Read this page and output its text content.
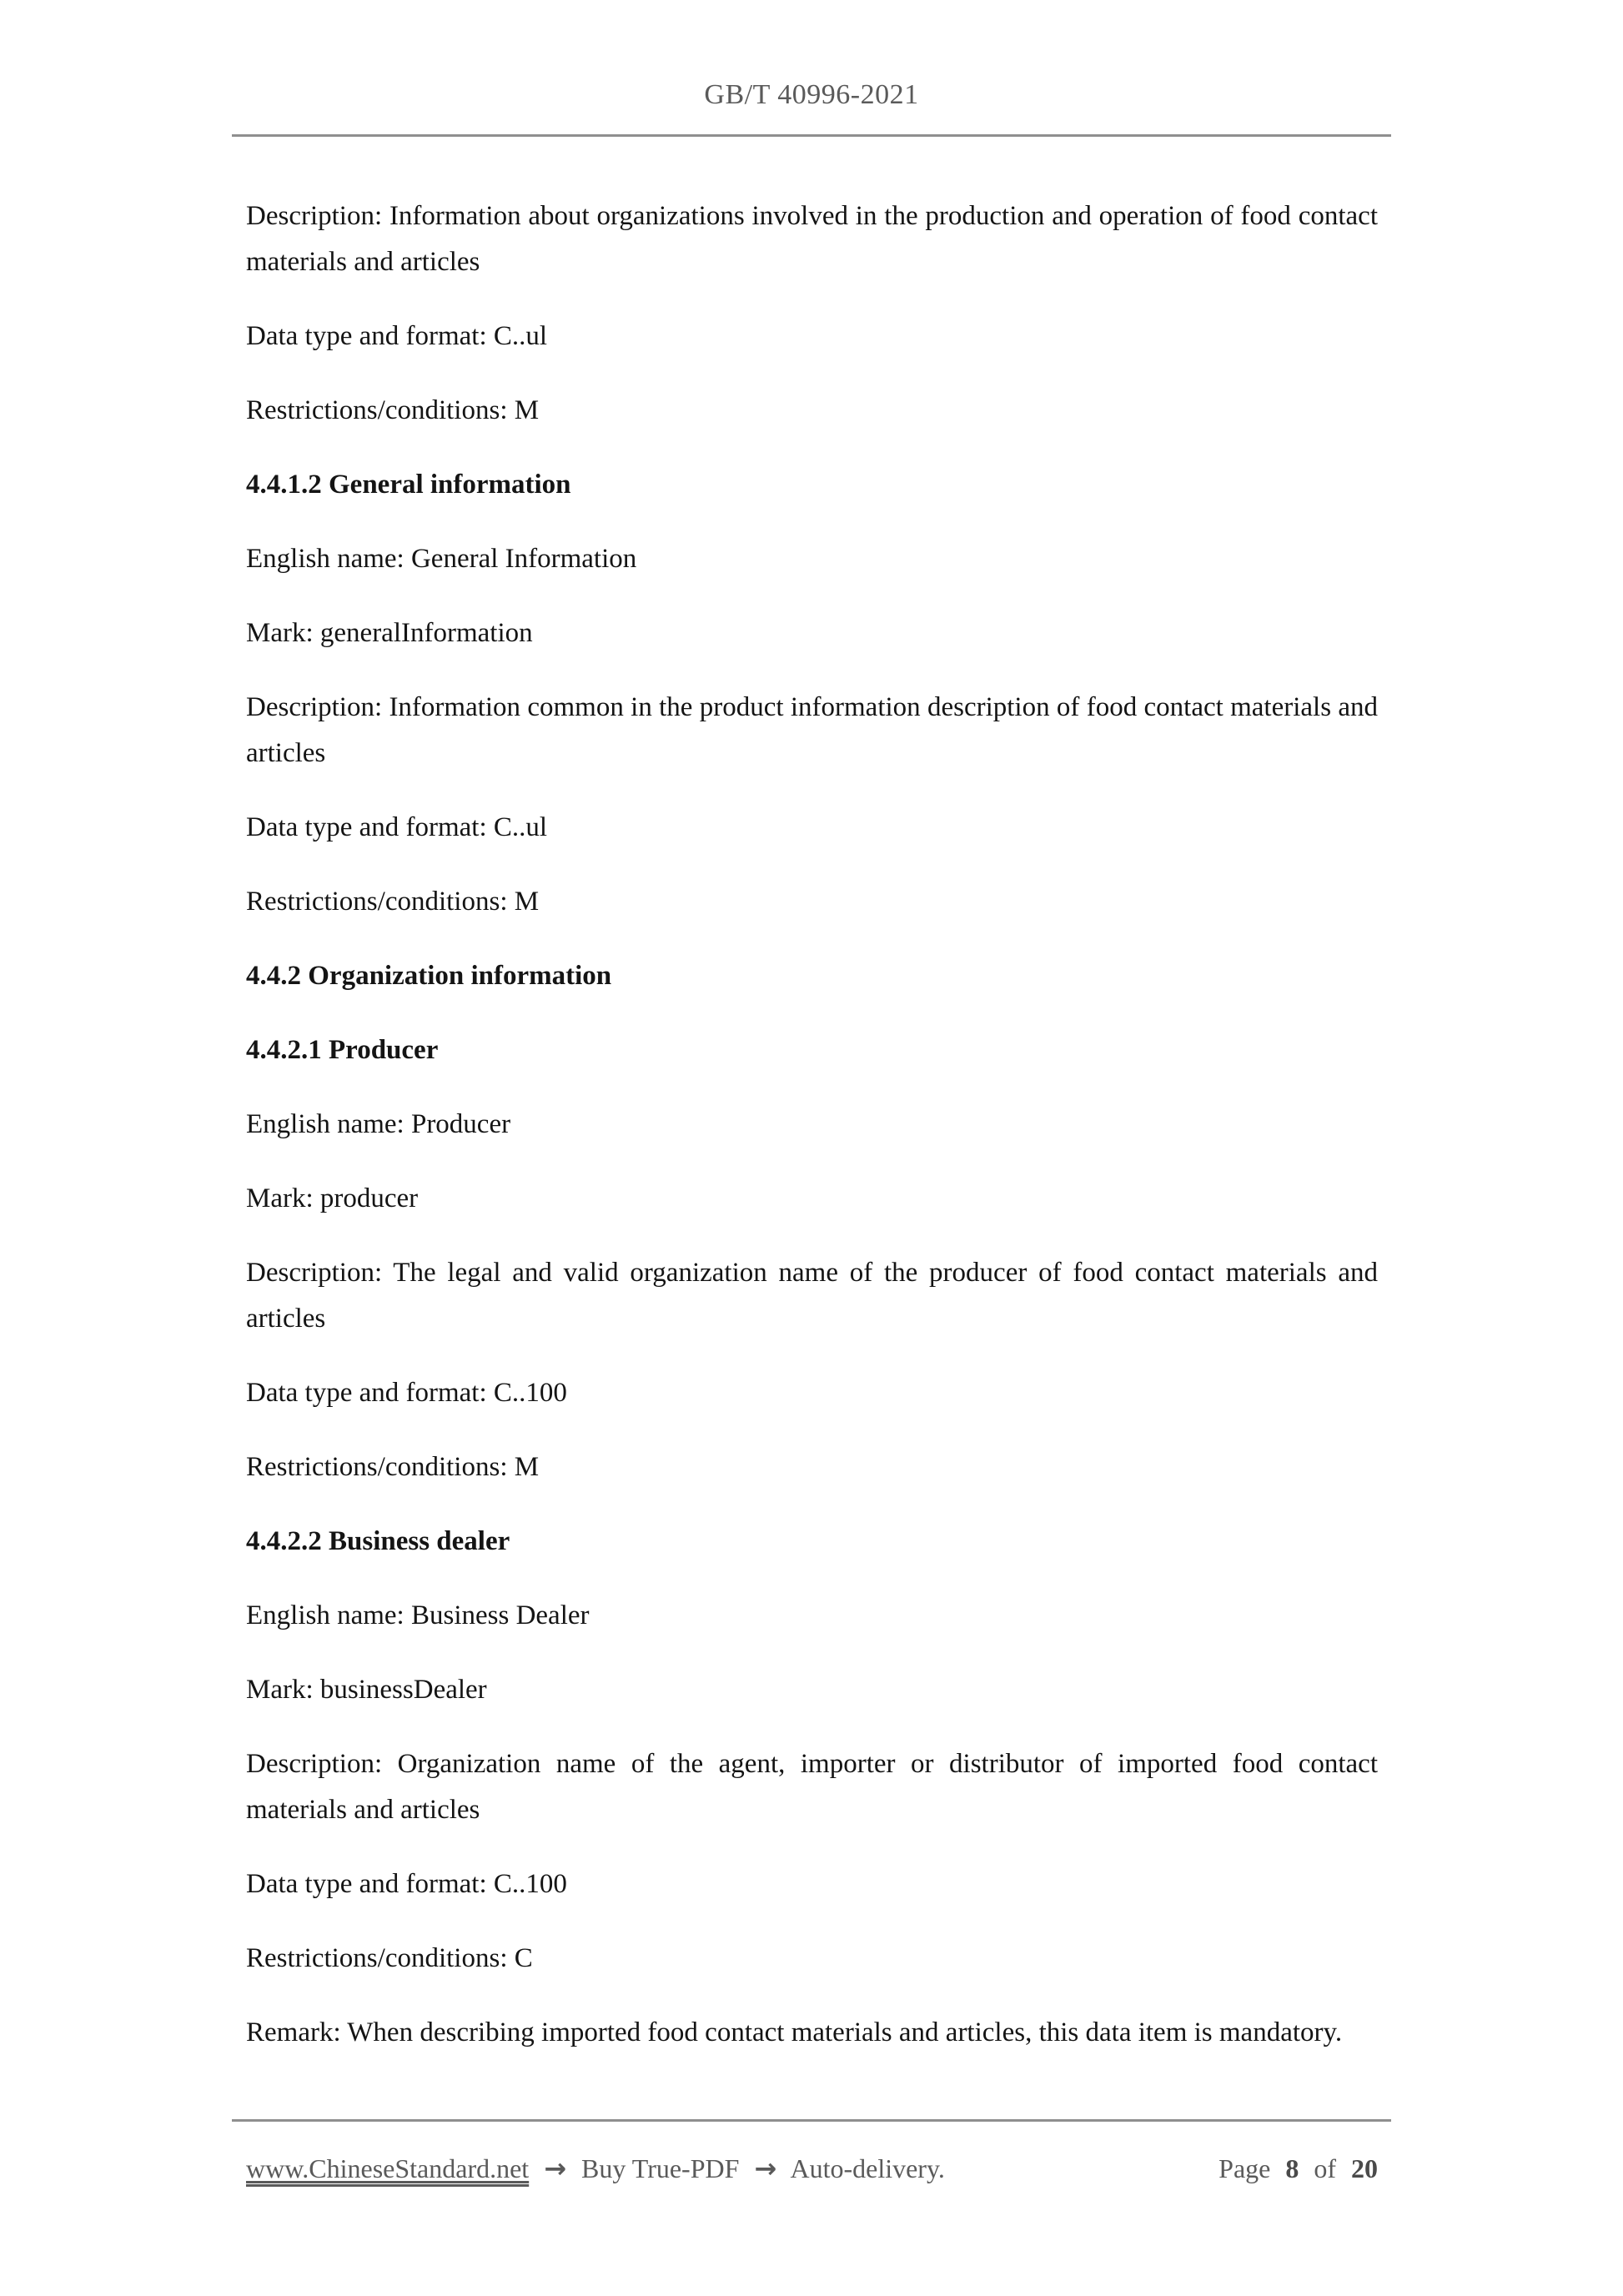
GB/T 40996-2021

Description: Information about organizations involved in the production and operation of food contact materials and articles

Data type and format: C..ul

Restrictions/conditions: M

4.4.1.2 General information

English name: General Information

Mark: generalInformation

Description: Information common in the product information description of food contact materials and articles

Data type and format: C..ul

Restrictions/conditions: M

4.4.2 Organization information

4.4.2.1 Producer

English name: Producer

Mark: producer

Description: The legal and valid organization name of the producer of food contact materials and articles

Data type and format: C..100

Restrictions/conditions: M

4.4.2.2 Business dealer

English name: Business Dealer

Mark: businessDealer

Description: Organization name of the agent, importer or distributor of imported food contact materials and articles

Data type and format: C..100

Restrictions/conditions: C

Remark: When describing imported food contact materials and articles, this data item is mandatory.

www.ChineseStandard.net → Buy True-PDF → Auto-delivery.	Page 8 of 20
